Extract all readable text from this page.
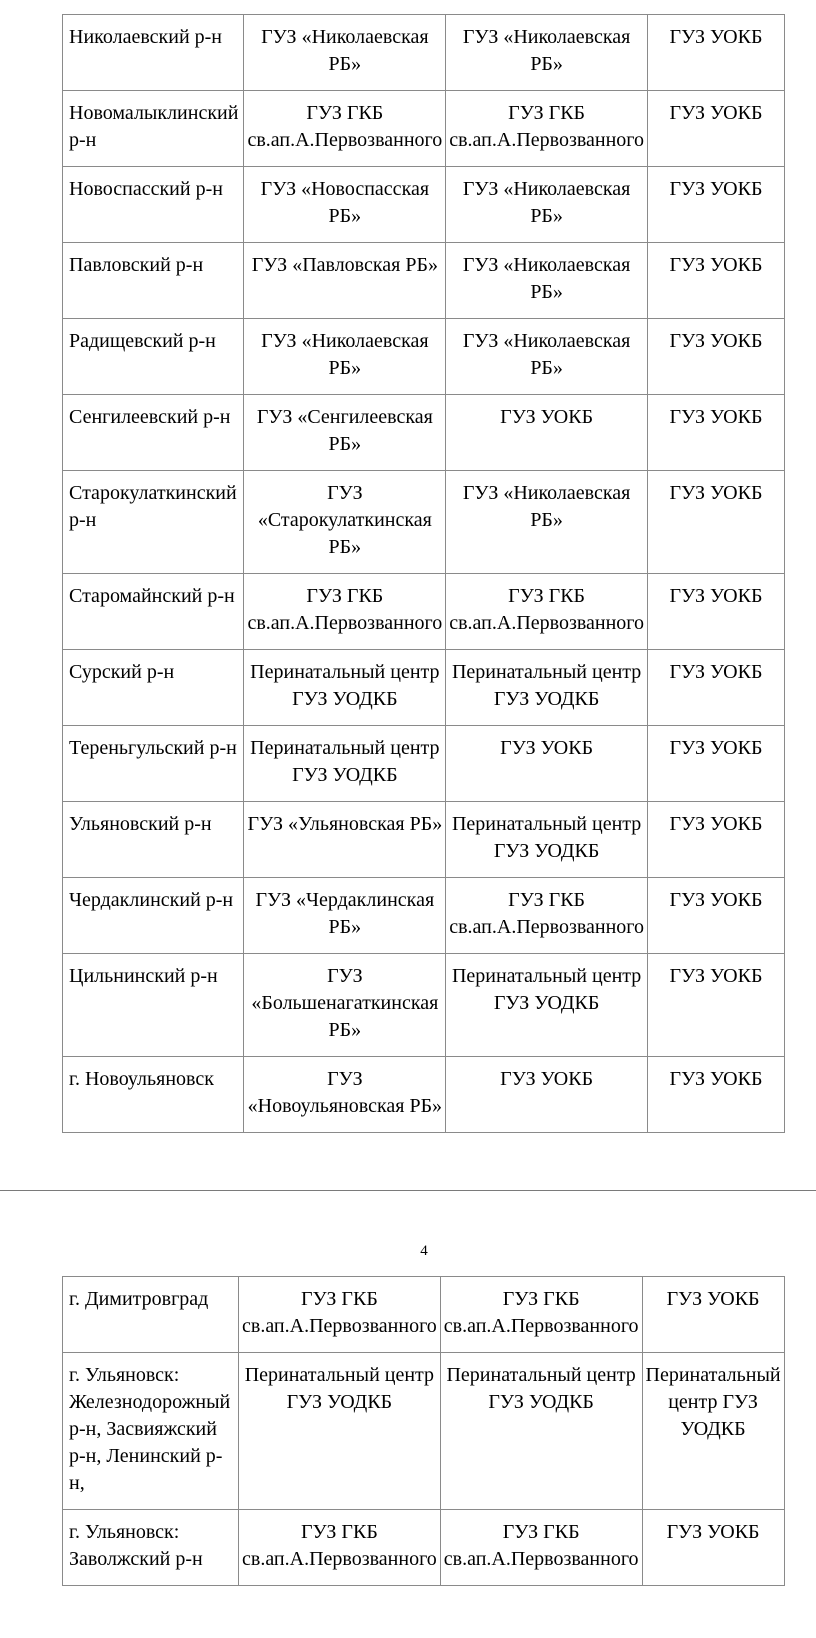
Николаевский р-н	ГУЗ «Николаевская РБ»	ГУЗ «Николаевская РБ»	ГУЗ УОКБ
Новомалыклинский р-н	ГУЗ ГКБ св.ап.А.Первозванного	ГУЗ ГКБ св.ап.А.Первозванного	ГУЗ УОКБ
Новоспасский р-н	ГУЗ «Новоспасская РБ»	ГУЗ «Николаевская РБ»	ГУЗ УОКБ
Павловский р-н	ГУЗ «Павловская РБ»	ГУЗ «Николаевская РБ»	ГУЗ УОКБ
Радищевский р-н	ГУЗ «Николаевская РБ»	ГУЗ «Николаевская РБ»	ГУЗ УОКБ
Сенгилеевский р-н	ГУЗ «Сенгилеевская РБ»	ГУЗ УОКБ	ГУЗ УОКБ
Старокулаткинский р-н	ГУЗ «Старокулаткинская РБ»	ГУЗ «Николаевская РБ»	ГУЗ УОКБ
Старомайнский р-н	ГУЗ ГКБ св.ап.А.Первозванного	ГУЗ ГКБ св.ап.А.Первозванного	ГУЗ УОКБ
Сурский р-н	Перинатальный центр ГУЗ УОДКБ	Перинатальный центр ГУЗ УОДКБ	ГУЗ УОКБ
Тереньгульский р-н	Перинатальный центр ГУЗ УОДКБ	ГУЗ УОКБ	ГУЗ УОКБ
Ульяновский р-н	ГУЗ «Ульяновская РБ»	Перинатальный центр ГУЗ УОДКБ	ГУЗ УОКБ
Чердаклинский р-н	ГУЗ «Чердаклинская РБ»	ГУЗ ГКБ св.ап.А.Первозванного	ГУЗ УОКБ
Цильнинский р-н	ГУЗ «Большенагаткинская РБ»	Перинатальный центр ГУЗ УОДКБ	ГУЗ УОКБ
г. Новоульяновск	ГУЗ «Новоульяновская РБ»	ГУЗ УОКБ	ГУЗ УОКБ
4
г. Димитровград	ГУЗ ГКБ св.ап.А.Первозванного	ГУЗ ГКБ св.ап.А.Первозванного	ГУЗ УОКБ
г. Ульяновск: Железнодорожный р-н, Засвияжский р-н, Ленинский р-н,	Перинатальный центр ГУЗ УОДКБ	Перинатальный центр ГУЗ УОДКБ	Перинатальный центр ГУЗ УОДКБ
г. Ульяновск: Заволжский р-н	ГУЗ ГКБ св.ап.А.Первозванного	ГУЗ ГКБ св.ап.А.Первозванного	ГУЗ УОКБ
